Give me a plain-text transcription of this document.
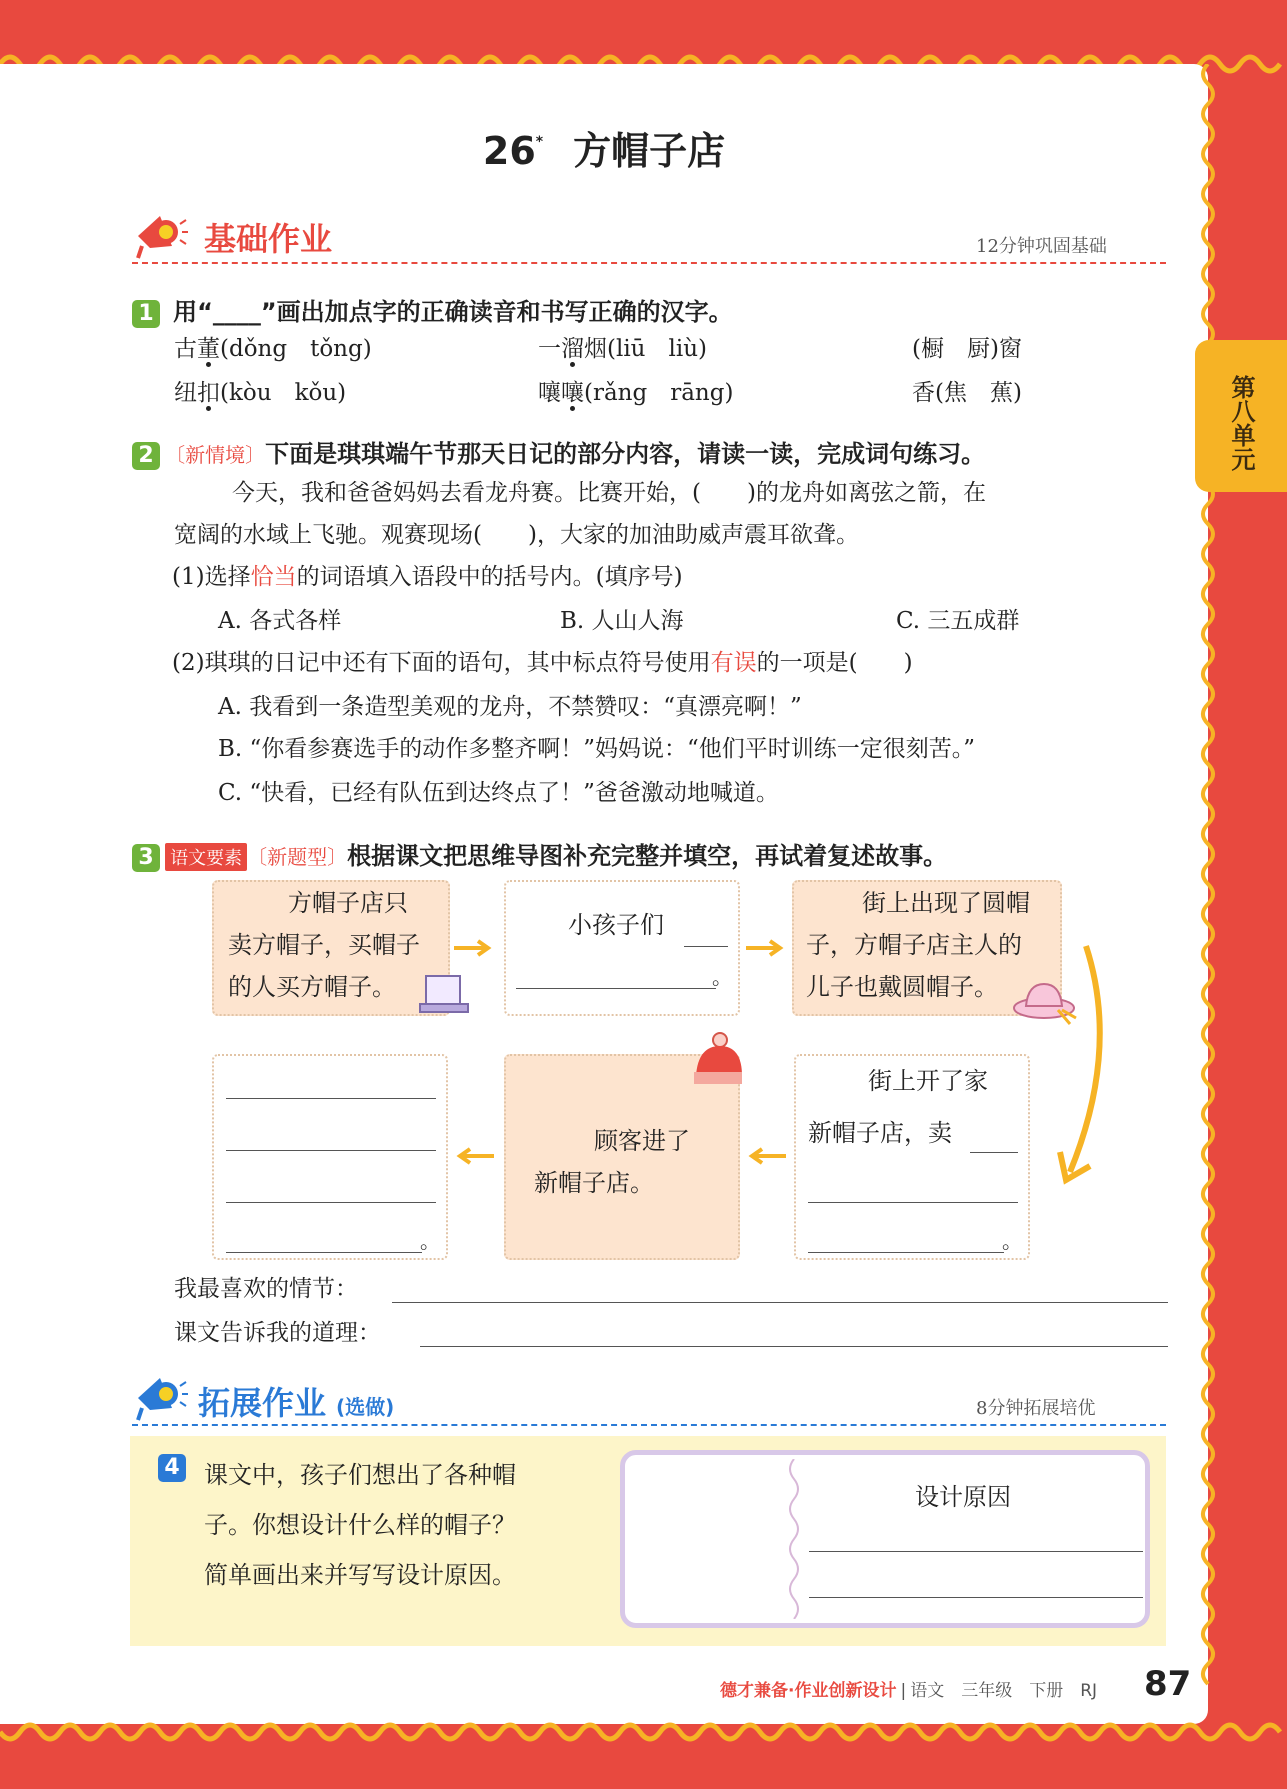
第八单元
26* 方帽子店
基础作业	12分钟巩固基础
1 用“____”画出加点字的正确读音和书写正确的汉字。
古董(dǒng　tǒng)	一溜烟(liū　liù)	(橱　厨)窗
纽扣(kòu　kǒu)	嚷嚷(rǎng　rāng)	香(焦　蕉)
2 〔新情境〕下面是琪琪端午节那天日记的部分内容，请读一读，完成词句练习。
今天，我和爸爸妈妈去看龙舟赛。比赛开始，(　　)的龙舟如离弦之箭，在
宽阔的水域上飞驰。观赛现场(　　)，大家的加油助威声震耳欲聋。
(1)选择恰当的词语填入语段中的括号内。(填序号)
A. 各式各样	B. 人山人海	C. 三五成群
(2)琪琪的日记中还有下面的语句，其中标点符号使用有误的一项是(　　)
A. 我看到一条造型美观的龙舟，不禁赞叹：“真漂亮啊！”
B. “你看参赛选手的动作多整齐啊！”妈妈说：“他们平时训练一定很刻苦。”
C. “快看，已经有队伍到达终点了！”爸爸激动地喊道。
3 语文要素 〔新题型〕根据课文把思维导图补充完整并填空，再试着复述故事。
方帽子店只
卖方帽子，买帽子
的人买方帽子。
小孩子们
。
街上出现了圆帽
子，方帽子店主人的
儿子也戴圆帽子。
。
顾客进了
新帽子店。
街上开了家
新帽子店，卖
。
我最喜欢的情节：
课文告诉我的道理：
拓展作业 (选做)	8分钟拓展培优
4 课文中，孩子们想出了各种帽
子。你想设计什么样的帽子？
简单画出来并写写设计原因。
设计原因
德才兼备·作业创新设计 | 语文　三年级　下册　RJ 87
